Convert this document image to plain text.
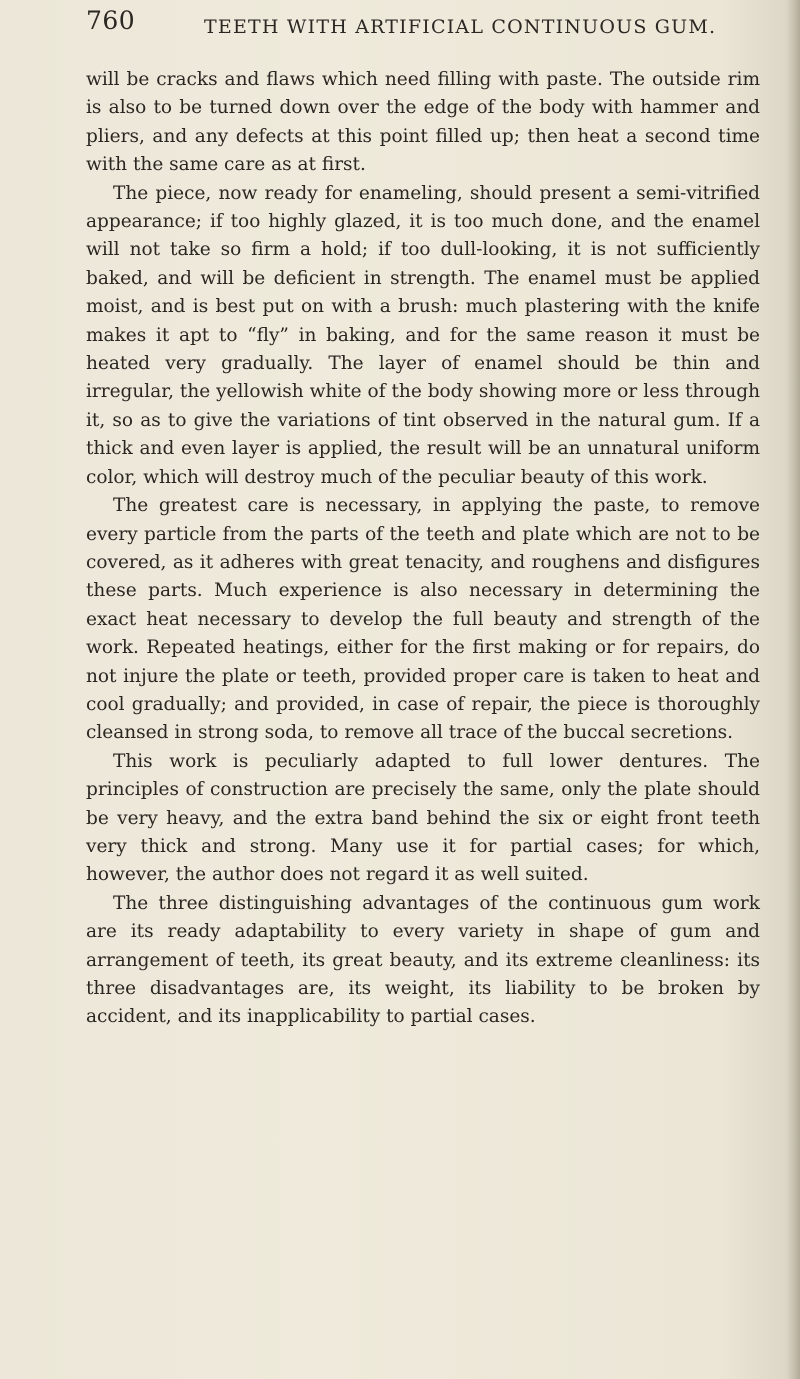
760	TEETH WITH ARTIFICIAL CONTINUOUS GUM.

will be cracks and flaws which need filling with paste. The outside rim is also to be turned down over the edge of the body with hammer and pliers, and any defects at this point filled up; then heat a second time with the same care as at first.

The piece, now ready for enameling, should present a semi-vitrified appearance; if too highly glazed, it is too much done, and the enamel will not take so firm a hold; if too dull-looking, it is not sufficiently baked, and will be deficient in strength. The enamel must be applied moist, and is best put on with a brush: much plastering with the knife makes it apt to “fly” in baking, and for the same reason it must be heated very gradually. The layer of enamel should be thin and irregular, the yellowish white of the body showing more or less through it, so as to give the variations of tint observed in the natural gum. If a thick and even layer is applied, the result will be an unnatural uniform color, which will destroy much of the peculiar beauty of this work.

The greatest care is necessary, in applying the paste, to remove every particle from the parts of the teeth and plate which are not to be covered, as it adheres with great tenacity, and roughens and disfigures these parts. Much experience is also necessary in determining the exact heat necessary to develop the full beauty and strength of the work. Repeated heatings, either for the first making or for repairs, do not injure the plate or teeth, provided proper care is taken to heat and cool gradually; and provided, in case of repair, the piece is thoroughly cleansed in strong soda, to remove all trace of the buccal secretions.

This work is peculiarly adapted to full lower dentures. The principles of construction are precisely the same, only the plate should be very heavy, and the extra band behind the six or eight front teeth very thick and strong. Many use it for partial cases; for which, however, the author does not regard it as well suited.

The three distinguishing advantages of the continuous gum work are its ready adaptability to every variety in shape of gum and arrangement of teeth, its great beauty, and its extreme cleanliness: its three disadvantages are, its weight, its liability to be broken by accident, and its inapplicability to partial cases.
